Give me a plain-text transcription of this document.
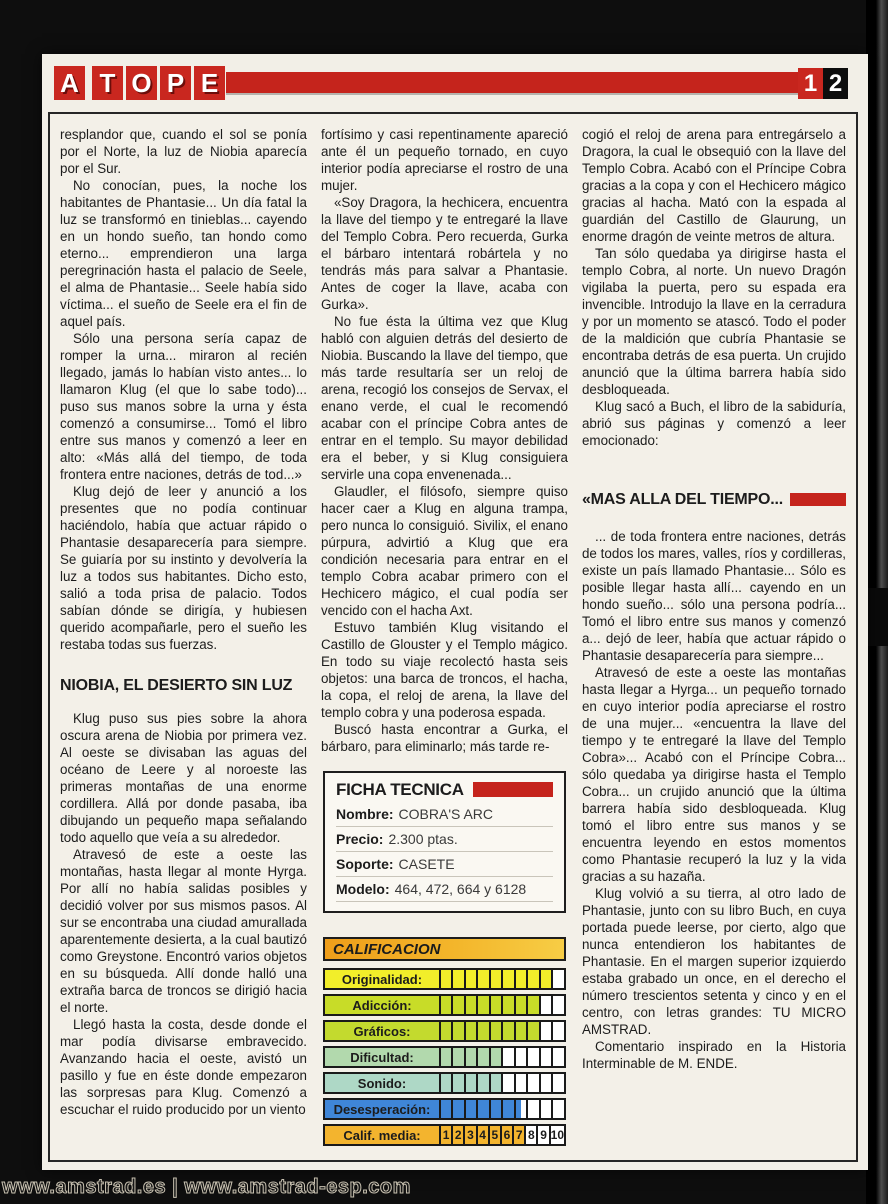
A T O P E	1 2

resplandor que, cuando el sol se ponía por el Norte, la luz de Niobia aparecía por el Sur.

No conocían, pues, la noche los habitantes de Phantasie... Un día fatal la luz se transformó en tinieblas... cayendo en un hondo sueño, tan hondo como eterno... emprendieron una larga peregrinación hasta el palacio de Seele, el alma de Phantasie... Seele había sido víctima... el sueño de Seele era el fin de aquel país.

Sólo una persona sería capaz de romper la urna... miraron al recién llegado, jamás lo habían visto antes... lo llamaron Klug (el que lo sabe todo)... puso sus manos sobre la urna y ésta comenzó a consumirse... Tomó el libro entre sus manos y comenzó a leer en alto: «Más allá del tiempo, de toda frontera entre naciones, detrás de tod...»

Klug dejó de leer y anunció a los presentes que no podía continuar haciéndolo, había que actuar rápido o Phantasie desaparecería para siempre. Se guiaría por su instinto y devolvería la luz a todos sus habitantes. Dicho esto, salió a toda prisa de palacio. Todos sabían dónde se dirigía, y hubiesen querido acompañarle, pero el sueño les restaba todas sus fuerzas.

NIOBIA, EL DESIERTO SIN LUZ

Klug puso sus pies sobre la ahora oscura arena de Niobia por primera vez. Al oeste se divisaban las aguas del océano de Leere y al noroeste las primeras montañas de una enorme cordillera. Allá por donde pasaba, iba dibujando un pequeño mapa señalando todo aquello que veía a su alrededor.

Atravesó de este a oeste las montañas, hasta llegar al monte Hyrga. Por allí no había salidas posibles y decidió volver por sus mismos pasos. Al sur se encontraba una ciudad amurallada aparentemente desierta, a la cual bautizó como Greystone. Encontró varios objetos en su búsqueda. Allí donde halló una extraña barca de troncos se dirigió hacia el norte.

Llegó hasta la costa, desde donde el mar podía divisarse embravecido. Avanzando hacia el oeste, avistó un pasillo y fue en éste donde empezaron las sorpresas para Klug. Comenzó a escuchar el ruido producido por un viento

fortísimo y casi repentinamente apareció ante él un pequeño tornado, en cuyo interior podía apreciarse el rostro de una mujer.

«Soy Dragora, la hechicera, encuentra la llave del tiempo y te entregaré la llave del Templo Cobra. Pero recuerda, Gurka el bárbaro intentará robártela y no tendrás más para salvar a Phantasie. Antes de coger la llave, acaba con Gurka».

No fue ésta la última vez que Klug habló con alguien detrás del desierto de Niobia. Buscando la llave del tiempo, que más tarde resultaría ser un reloj de arena, recogió los consejos de Servax, el enano verde, el cual le recomendó acabar con el príncipe Cobra antes de entrar en el templo. Su mayor debilidad era el beber, y si Klug consiguiera servirle una copa envenenada...

Glaudler, el filósofo, siempre quiso hacer caer a Klug en alguna trampa, pero nunca lo consiguió. Sivilix, el enano púrpura, advirtió a Klug que era condición necesaria para entrar en el templo Cobra acabar primero con el Hechicero mágico, el cual podía ser vencido con el hacha Axt.

Estuvo también Klug visitando el Castillo de Glouster y el Templo mágico. En todo su viaje recolectó hasta seis objetos: una barca de troncos, el hacha, la copa, el reloj de arena, la llave del templo cobra y una poderosa espada.

Buscó hasta encontrar a Gurka, el bárbaro, para eliminarlo; más tarde re-

FICHA TECNICA
Nombre: COBRA'S ARC
Precio: 2.300 ptas.
Soporte: CASETE
Modelo: 464, 472, 664 y 6128
CALIFICACION
Originalidad:
Adicción:
Gráficos:
Dificultad:
Sonido:
Desesperación:
Calif. media:	1 2 3 4 5 6 7 8 9 10

cogió el reloj de arena para entregárselo a Dragora, la cual le obsequió con la llave del Templo Cobra. Acabó con el Príncipe Cobra gracias a la copa y con el Hechicero mágico gracias al hacha. Mató con la espada al guardián del Castillo de Glaurung, un enorme dragón de veinte metros de altura.

Tan sólo quedaba ya dirigirse hasta el templo Cobra, al norte. Un nuevo Dragón vigilaba la puerta, pero su espada era invencible. Introdujo la llave en la cerradura y por un momento se atascó. Todo el poder de la maldición que cubría Phantasie se encontraba detrás de esa puerta. Un crujido anunció que la última barrera había sido desbloqueada.

Klug sacó a Buch, el libro de la sabiduría, abrió sus páginas y comenzó a leer emocionado:

«MAS ALLA DEL TIEMPO...

... de toda frontera entre naciones, detrás de todos los mares, valles, ríos y cordilleras, existe un país llamado Phantasie... Sólo es posible llegar hasta allí... cayendo en un hondo sueño... sólo una persona podría... Tomó el libro entre sus manos y comenzó a... dejó de leer, había que actuar rápido o Phantasie desaparecería para siempre...

Atravesó de este a oeste las montañas hasta llegar a Hyrga... un pequeño tornado en cuyo interior podía apreciarse el rostro de una mujer... «encuentra la llave del tiempo y te entregaré la llave del Templo Cobra»... Acabó con el Príncipe Cobra... sólo quedaba ya dirigirse hasta el Templo Cobra... un crujido anunció que la última barrera había sido desbloqueada. Klug tomó el libro entre sus manos y se encuentra leyendo en estos momentos como Phantasie recuperó la luz y la vida gracias a su hazaña.

Klug volvió a su tierra, al otro lado de Phantasie, junto con su libro Buch, en cuya portada puede leerse, por cierto, algo que nunca entendieron los habitantes de Phantasie. En el margen superior izquierdo estaba grabado un once, en el derecho el número trescientos setenta y cinco y en el centro, con letras grandes: TU MICRO AMSTRAD.

Comentario inspirado en la Historia Interminable de M. ENDE.

www.amstrad.es | www.amstrad-esp.com
